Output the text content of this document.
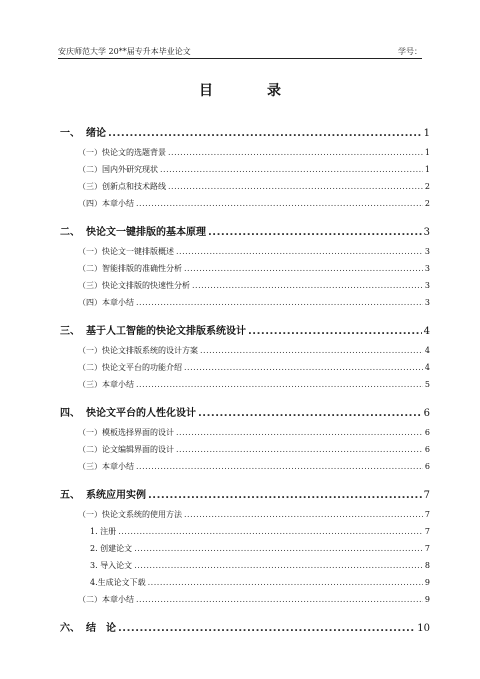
安庆师范大学 20**届专升本毕业论文	学号：
目　录
一、 绪论 .....	1
（一）快论文的选题背景 .....	1
（二）国内外研究现状 .....	1
（三）创新点和技术路线 .....	2
（四）本章小结 .....	2
二、 快论文一键排版的基本原理 .....	3
（一）快论文一键排版概述 .....	3
（二）智能排版的准确性分析 .....	3
（三）快论文排版的快速性分析 .....	3
（四）本章小结 .....	3
三、 基于人工智能的快论文排版系统设计 .....	4
（一）快论文排版系统的设计方案 .....	4
（二）快论文平台的功能介绍 .....	4
（三）本章小结 .....	5
四、 快论文平台的人性化设计 .....	6
（一）模板选择界面的设计 .....	6
（二）论文编辑界面的设计 .....	6
（三）本章小结 .....	6
五、 系统应用实例 .....	7
（一）快论文系统的使用方法 .....	7
1. 注册 .....	7
2. 创建论文 .....	7
3. 导入论文 .....	8
4.生成论文下载 .....	9
（二）本章小结 .....	9
六、 结　论 .....	10
